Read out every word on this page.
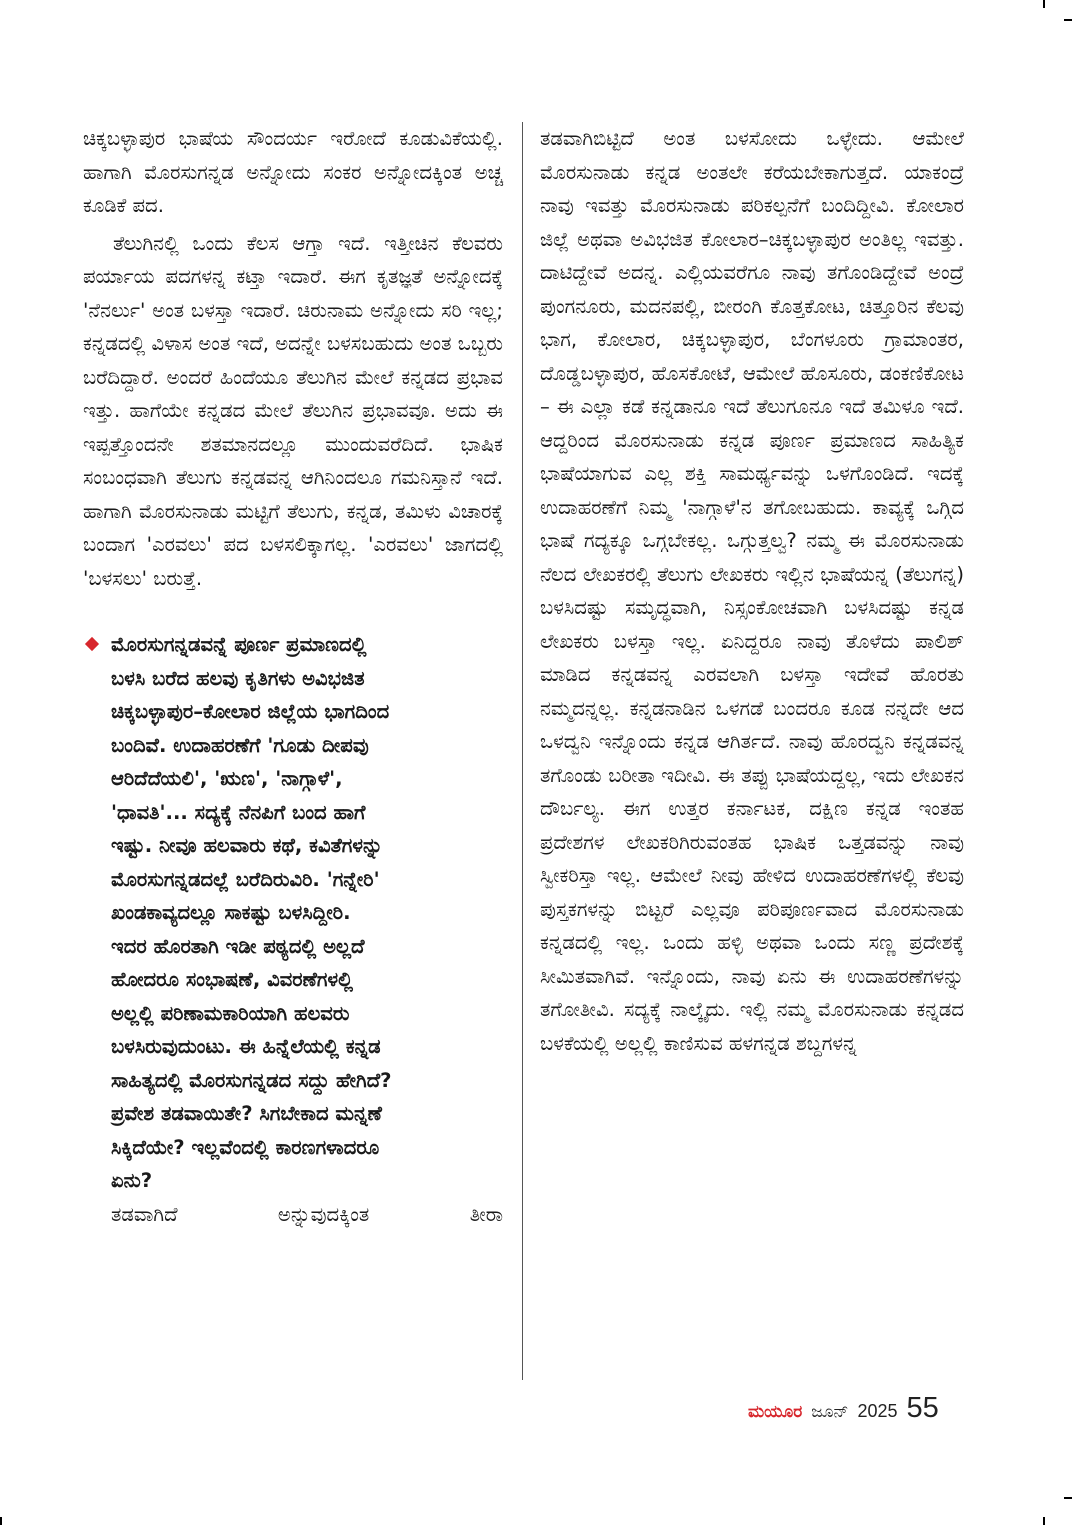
ಚಿಕ್ಕಬಳ್ಳಾಪುರ ಭಾಷೆಯ ಸೌಂದರ್ಯ ಇರೋದೆ ಕೂಡುವಿಕೆಯಲ್ಲಿ. ಹಾಗಾಗಿ ಮೊರಸುಗನ್ನಡ ಅನ್ನೋದು ಸಂಕರ ಅನ್ನೋದಕ್ಕಿಂತ ಅಚ್ಚ ಕೂಡಿಕೆ ಪದ.

ತೆಲುಗಿನಲ್ಲಿ ಒಂದು ಕೆಲಸ ಆಗ್ತಾ ಇದೆ. ಇತ್ತೀಚಿನ ಕೆಲವರು ಪರ್ಯಾಯ ಪದಗಳನ್ನ ಕಟ್ತಾ ಇದಾರೆ. ಈಗ ಕೃತಜ್ಞತೆ ಅನ್ನೋದಕ್ಕೆ 'ನೆನರ್ಲು' ಅಂತ ಬಳಸ್ತಾ ಇದಾರೆ. ಚಿರುನಾಮ ಅನ್ನೋದು ಸರಿ ಇಲ್ಲ; ಕನ್ನಡದಲ್ಲಿ ವಿಳಾಸ ಅಂತ ಇದೆ, ಅದನ್ನೇ ಬಳಸಬಹುದು ಅಂತ ಒಬ್ಬರು ಬರೆದಿದ್ದಾರೆ. ಅಂದರೆ ಹಿಂದೆಯೂ ತೆಲುಗಿನ ಮೇಲೆ ಕನ್ನಡದ ಪ್ರಭಾವ ಇತ್ತು. ಹಾಗೆಯೇ ಕನ್ನಡದ ಮೇಲೆ ತೆಲುಗಿನ ಪ್ರಭಾವವೂ. ಅದು ಈ ಇಪ್ಪತ್ತೊಂದನೇ ಶತಮಾನದಲ್ಲೂ ಮುಂದುವರೆದಿದೆ. ಭಾಷಿಕ ಸಂಬಂಧವಾಗಿ ತೆಲುಗು ಕನ್ನಡವನ್ನ ಆಗಿನಿಂದಲೂ ಗಮನಿಸ್ತಾನೆ ಇದೆ. ಹಾಗಾಗಿ ಮೊರಸುನಾಡು ಮಟ್ಟಿಗೆ ತೆಲುಗು, ಕನ್ನಡ, ತಮಿಳು ವಿಚಾರಕ್ಕೆ ಬಂದಾಗ 'ಎರವಲು' ಪದ ಬಳಸಲಿಕ್ಕಾಗಲ್ಲ. 'ಎರವಲು' ಜಾಗದಲ್ಲಿ 'ಬಳಸಲು' ಬರುತ್ತೆ.

ಮೊರಸುಗನ್ನಡವನ್ನೆ ಪೂರ್ಣ ಪ್ರಮಾಣದಲ್ಲಿ
ಬಳಸಿ ಬರೆದ ಹಲವು ಕೃತಿಗಳು ಅವಿಭಜಿತ
ಚಿಕ್ಕಬಳ್ಳಾಪುರ–ಕೋಲಾರ ಜಿಲ್ಲೆಯ ಭಾಗದಿಂದ
ಬಂದಿವೆ. ಉದಾಹರಣೆಗೆ 'ಗೂಡು ದೀಪವು
ಆರಿದೆದೆಯಲಿ', 'ಋಣ', 'ನಾಗ್ಗಾಳೆ',
'ಧಾವತಿ'... ಸದ್ಯಕ್ಕೆ ನೆನಪಿಗೆ ಬಂದ ಹಾಗೆ
ಇಷ್ಟು. ನೀವೂ ಹಲವಾರು ಕಥೆ, ಕವಿತೆಗಳನ್ನು
ಮೊರಸುಗನ್ನಡದಲ್ಲೆ ಬರೆದಿರುವಿರಿ. 'ಗನ್ನೇರಿ'
ಖಂಡಕಾವ್ಯದಲ್ಲೂ ಸಾಕಷ್ಟು ಬಳಸಿದ್ದೀರಿ.
ಇದರ ಹೊರತಾಗಿ ಇಡೀ ಪಠ್ಯದಲ್ಲಿ ಅಲ್ಲದೆ
ಹೋದರೂ ಸಂಭಾಷಣೆ, ವಿವರಣೆಗಳಲ್ಲಿ
ಅಲ್ಲಲ್ಲಿ ಪರಿಣಾಮಕಾರಿಯಾಗಿ ಹಲವರು
ಬಳಸಿರುವುದುಂಟು. ಈ ಹಿನ್ನೆಲೆಯಲ್ಲಿ ಕನ್ನಡ
ಸಾಹಿತ್ಯದಲ್ಲಿ ಮೊರಸುಗನ್ನಡದ ಸದ್ದು ಹೇಗಿದೆ?
ಪ್ರವೇಶ ತಡವಾಯಿತೇ? ಸಿಗಬೇಕಾದ ಮನ್ನಣೆ
ಸಿಕ್ಕಿದೆಯೇ? ಇಲ್ಲವೆಂದಲ್ಲಿ ಕಾರಣಗಳಾದರೂ
ಏನು?
ತಡವಾಗಿದೆ	ಅನ್ನುವುದಕ್ಕಿಂತ	ತೀರಾ

ತಡವಾಗಿಬಿಟ್ಟಿದೆ ಅಂತ ಬಳಸೋದು ಒಳ್ಳೇದು. ಆಮೇಲೆ ಮೊರಸುನಾಡು ಕನ್ನಡ ಅಂತಲೇ ಕರೆಯಬೇಕಾಗುತ್ತದೆ. ಯಾಕಂದ್ರೆ ನಾವು ಇವತ್ತು ಮೊರಸುನಾಡು ಪರಿಕಲ್ಪನೆಗೆ ಬಂದಿದ್ದೀವಿ. ಕೋಲಾರ ಜಿಲ್ಲೆ ಅಥವಾ ಅವಿಭಜಿತ ಕೋಲಾರ–ಚಿಕ್ಕಬಳ್ಳಾಪುರ ಅಂತಿಲ್ಲ ಇವತ್ತು. ದಾಟಿದ್ದೇವೆ ಅದನ್ನ. ಎಲ್ಲಿಯವರೆಗೂ ನಾವು ತಗೊಂಡಿದ್ದೇವೆ ಅಂದ್ರೆ ಪುಂಗನೂರು, ಮದನಪಲ್ಲಿ, ಬೀರಂಗಿ ಕೊತ್ತಕೋಟ, ಚಿತ್ತೂರಿನ ಕೆಲವು ಭಾಗ, ಕೋಲಾರ, ಚಿಕ್ಕಬಳ್ಳಾಪುರ, ಬೆಂಗಳೂರು ಗ್ರಾಮಾಂತರ, ದೊಡ್ಡಬಳ್ಳಾಪುರ, ಹೊಸಕೋಟೆ, ಆಮೇಲೆ ಹೊಸೂರು, ಡಂಕಣಿಕೋಟ – ಈ ಎಲ್ಲಾ ಕಡೆ ಕನ್ನಡಾನೂ ಇದೆ ತೆಲುಗೂನೂ ಇದೆ ತಮಿಳೂ ಇದೆ. ಆದ್ದರಿಂದ ಮೊರಸುನಾಡು ಕನ್ನಡ ಪೂರ್ಣ ಪ್ರಮಾಣದ ಸಾಹಿತ್ಯಿಕ ಭಾಷೆಯಾಗುವ ಎಲ್ಲ ಶಕ್ತಿ ಸಾಮರ್ಥ್ಯವನ್ನು ಒಳಗೊಂಡಿದೆ. ಇದಕ್ಕೆ ಉದಾಹರಣೆಗೆ ನಿಮ್ಮ 'ನಾಗ್ಗಾಳೆ'ನ ತಗೋಬಹುದು. ಕಾವ್ಯಕ್ಕೆ ಒಗ್ಗಿದ ಭಾಷೆ ಗದ್ಯಕ್ಕೂ ಒಗ್ಗಬೇಕಲ್ಲ. ಒಗ್ಗುತ್ತಲ್ವ? ನಮ್ಮ ಈ ಮೊರಸುನಾಡು ನೆಲದ ಲೇಖಕರಲ್ಲಿ ತೆಲುಗು ಲೇಖಕರು ಇಲ್ಲಿನ ಭಾಷೆಯನ್ನ (ತೆಲುಗನ್ನ) ಬಳಸಿದಷ್ಟು ಸಮೃದ್ಧವಾಗಿ, ನಿಸ್ಸಂಕೋಚವಾಗಿ ಬಳಸಿದಷ್ಟು ಕನ್ನಡ ಲೇಖಕರು ಬಳಸ್ತಾ ಇಲ್ಲ. ಏನಿದ್ದರೂ ನಾವು ತೊಳೆದು ಪಾಲಿಶ್ ಮಾಡಿದ ಕನ್ನಡವನ್ನ ಎರವಲಾಗಿ ಬಳಸ್ತಾ ಇದೇವೆ ಹೊರತು ನಮ್ಮದನ್ನಲ್ಲ. ಕನ್ನಡನಾಡಿನ ಒಳಗಡೆ ಬಂದರೂ ಕೂಡ ನನ್ನದೇ ಆದ ಒಳದ್ವನಿ ಇನ್ನೊಂದು ಕನ್ನಡ ಆಗಿರ್ತದೆ. ನಾವು ಹೊರದ್ವನಿ ಕನ್ನಡವನ್ನ ತಗೊಂಡು ಬರೀತಾ ಇದೀವಿ. ಈ ತಪ್ಪು ಭಾಷೆಯದ್ದಲ್ಲ, ಇದು ಲೇಖಕನ ದೌರ್ಬಲ್ಯ. ಈಗ ಉತ್ತರ ಕರ್ನಾಟಕ, ದಕ್ಷಿಣ ಕನ್ನಡ ಇಂತಹ ಪ್ರದೇಶಗಳ ಲೇಖಕರಿಗಿರುವಂತಹ ಭಾಷಿಕ ಒತ್ತಡವನ್ನು ನಾವು ಸ್ವೀಕರಿಸ್ತಾ ಇಲ್ಲ. ಆಮೇಲೆ ನೀವು ಹೇಳಿದ ಉದಾಹರಣೆಗಳಲ್ಲಿ ಕೆಲವು ಪುಸ್ತಕಗಳನ್ನು ಬಿಟ್ಟರೆ ಎಲ್ಲವೂ ಪರಿಪೂರ್ಣವಾದ ಮೊರಸುನಾಡು ಕನ್ನಡದಲ್ಲಿ ಇಲ್ಲ. ಒಂದು ಹಳ್ಳಿ ಅಥವಾ ಒಂದು ಸಣ್ಣ ಪ್ರದೇಶಕ್ಕೆ ಸೀಮಿತವಾಗಿವೆ. ಇನ್ನೊಂದು, ನಾವು ಏನು ಈ ಉದಾಹರಣೆಗಳನ್ನು ತಗೋತೀವಿ. ಸದ್ಯಕ್ಕೆ ನಾಲ್ಕೈದು. ಇಲ್ಲಿ ನಮ್ಮ ಮೊರಸುನಾಡು ಕನ್ನಡದ ಬಳಕೆಯಲ್ಲಿ ಅಲ್ಲಲ್ಲಿ ಕಾಣಿಸುವ ಹಳಗನ್ನಡ ಶಬ್ದಗಳನ್ನ

ಮಯೂರ ಜೂನ್ 2025 55
